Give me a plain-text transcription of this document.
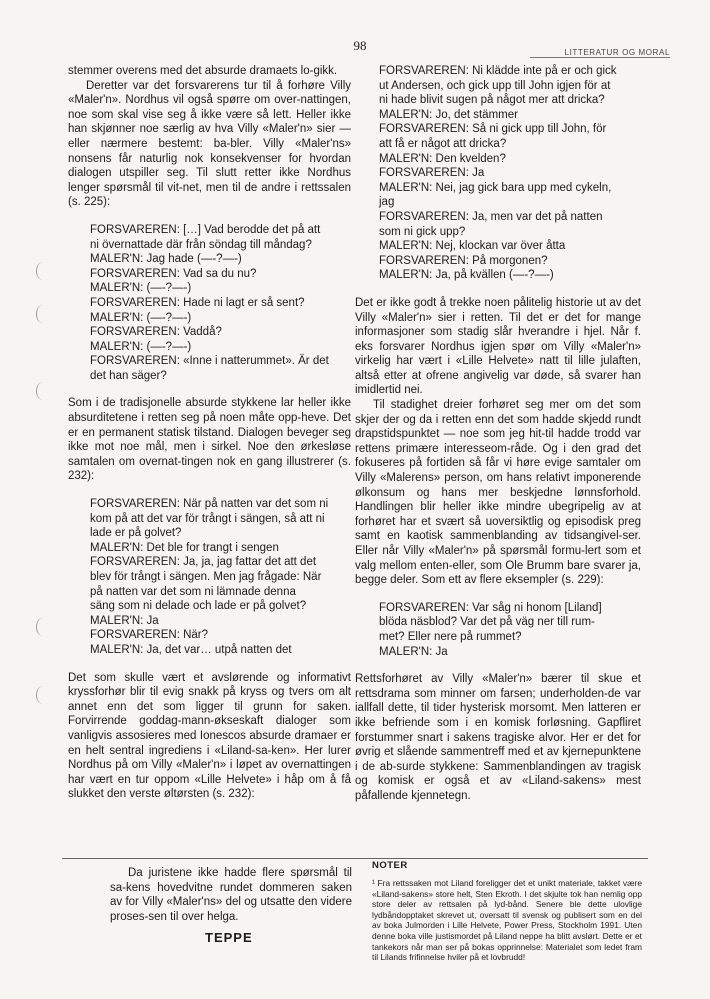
98	LITTERATUR OG MORAL

stemmer overens med det absurde dramaets lo-gikk.

Deretter var det forsvarerens tur til å forhøre Villy «Maler'n». Nordhus vil også spørre om over-nattingen, noe som skal vise seg å ikke være så lett. Heller ikke han skjønner noe særlig av hva Villy «Maler'n» sier — eller nærmere bestemt: ba-bler. Villy «Maler'ns» nonsens får naturlig nok konsekvenser for hvordan dialogen utspiller seg. Til slutt retter ikke Nordhus lenger spørsmål til vit-net, men til de andre i rettssalen (s. 225):

FORSVAREREN: […] Vad berodde det på att
ni övernattade där från söndag till måndag?
MALER'N: Jag hade (—-?—-)
FORSVAREREN: Vad sa du nu?
MALER'N: (—-?—-)
FORSVAREREN: Hade ni lagt er så sent?
MALER'N: (—-?—-)
FORSVAREREN: Vaddå?
MALER'N: (—-?—-)
FORSVAREREN: «Inne i natterummet». Är det
det han säger?

Som i de tradisjonelle absurde stykkene lar heller ikke absurditetene i retten seg på noen måte opp-heve. Det er en permanent statisk tilstand. Dialogen beveger seg ikke mot noe mål, men i sirkel. Noe den ørkesløse samtalen om overnat-tingen nok en gang illustrerer (s. 232):

FORSVAREREN: När på natten var det som ni
kom på att det var för trångt i sängen, så att ni
lade er på golvet?
MALER'N: Det ble for trangt i sengen
FORSVAREREN: Ja, ja, jag fattar det att det
blev för trångt i sängen. Men jag frågade: När
på natten var det som ni lämnade denna
säng som ni delade och lade er på golvet?
MALER'N: Ja
FORSVAREREN: När?
MALER'N: Ja, det var… utpå natten det

Det som skulle vært et avslørende og informativt kryssforhør blir til evig snakk på kryss og tvers om alt annet enn det som ligger til grunn for saken. Forvirrende goddag-mann-økseskaft dialoger som vanligvis assosieres med Ionescos absurde dramaer er en helt sentral ingrediens i «Liland-sa-ken». Her lurer Nordhus på om Villy «Maler'n» i løpet av overnattingen har vært en tur oppom «Lille Helvete» i håp om å få slukket den verste øltørsten (s. 232):

FORSVAREREN: Ni klädde inte på er och gick
ut Andersen, och gick upp till John igjen för at
ni hade blivit sugen på något mer att dricka?
MALER'N: Jo, det stämmer
FORSVAREREN: Så ni gick upp till John, för
att få er något att dricka?
MALER'N: Den kvelden?
FORSVAREREN: Ja
MALER'N: Nei, jag gick bara upp med cykeln,
jag
FORSVAREREN: Ja, men var det på natten
som ni gick upp?
MALER'N: Nej, klockan var över åtta
FORSVAREREN: På morgonen?
MALER'N: Ja, på kvällen (—-?—-)

Det er ikke godt å trekke noen pålitelig historie ut av det Villy «Maler'n» sier i retten. Til det er det for mange informasjoner som stadig slår hverandre i hjel. Når f. eks forsvarer Nordhus igjen spør om Villy «Maler'n» virkelig har vært i «Lille Helvete» natt til lille julaften, altså etter at ofrene angivelig var døde, så svarer han imidlertid nei.

Til stadighet dreier forhøret seg mer om det som skjer der og da i retten enn det som hadde skjedd rundt drapstidspunktet — noe som jeg hit-til hadde trodd var rettens primære interesseom-råde. Og i den grad det fokuseres på fortiden så får vi høre evige samtaler om Villy «Malerens» person, om hans relativt imponerende ølkonsum og hans mer beskjedne lønnsforhold. Handlingen blir heller ikke mindre ubegripelig av at forhøret har et svært så uoversiktlig og episodisk preg samt en kaotisk sammenblanding av tidsangivel-ser. Eller når Villy «Maler'n» på spørsmål formu-lert som et valg mellom enten-eller, som Ole Brumm bare svarer ja, begge deler. Som ett av flere eksempler (s. 229):

FORSVAREREN: Var såg ni honom [Liland]
blöda näsblod? Var det på väg ner till rum-
met? Eller nere på rummet?
MALER'N: Ja

Rettsforhøret av Villy «Maler'n» bærer til skue et rettsdrama som minner om farsen; underholden-de var iallfall dette, til tider hysterisk morsomt. Men latteren er ikke befriende som i en komisk forløsning. Gapfliret forstummer snart i sakens tragiske alvor. Her er det for øvrig et slående sammentreff med et av kjernepunktene i de ab-surde stykkene: Sammenblandingen av tragisk og komisk er også et av «Liland-sakens» mest påfallende kjennetegn.

Da juristene ikke hadde flere spørsmål til sa-kens hovedvitne rundet dommeren saken av for Villy «Maler'ns» del og utsatte den videre proses-sen til over helga.

TEPPE
NOTER
¹ Fra rettssaken mot Liland foreligger det et unikt materiale, takket være «Liland-sakens» store helt, Sten Ekroth. I det skjulte tok han nemlig opp store deler av rettsalen på lyd-bånd. Senere ble dette ulovlige lydbåndopptaket skrevet ut, oversatt til svensk og publisert som en del av boka Julmorden i Lille Helvete, Power Press, Stockholm 1991. Uten denne boka ville justismordet på Liland neppe ha blitt avslørt. Dette er et tankekors når man ser på bokas opprinnelse: Materialet som ledet fram til Lilands frifinnelse hviler på et lovbrudd!
